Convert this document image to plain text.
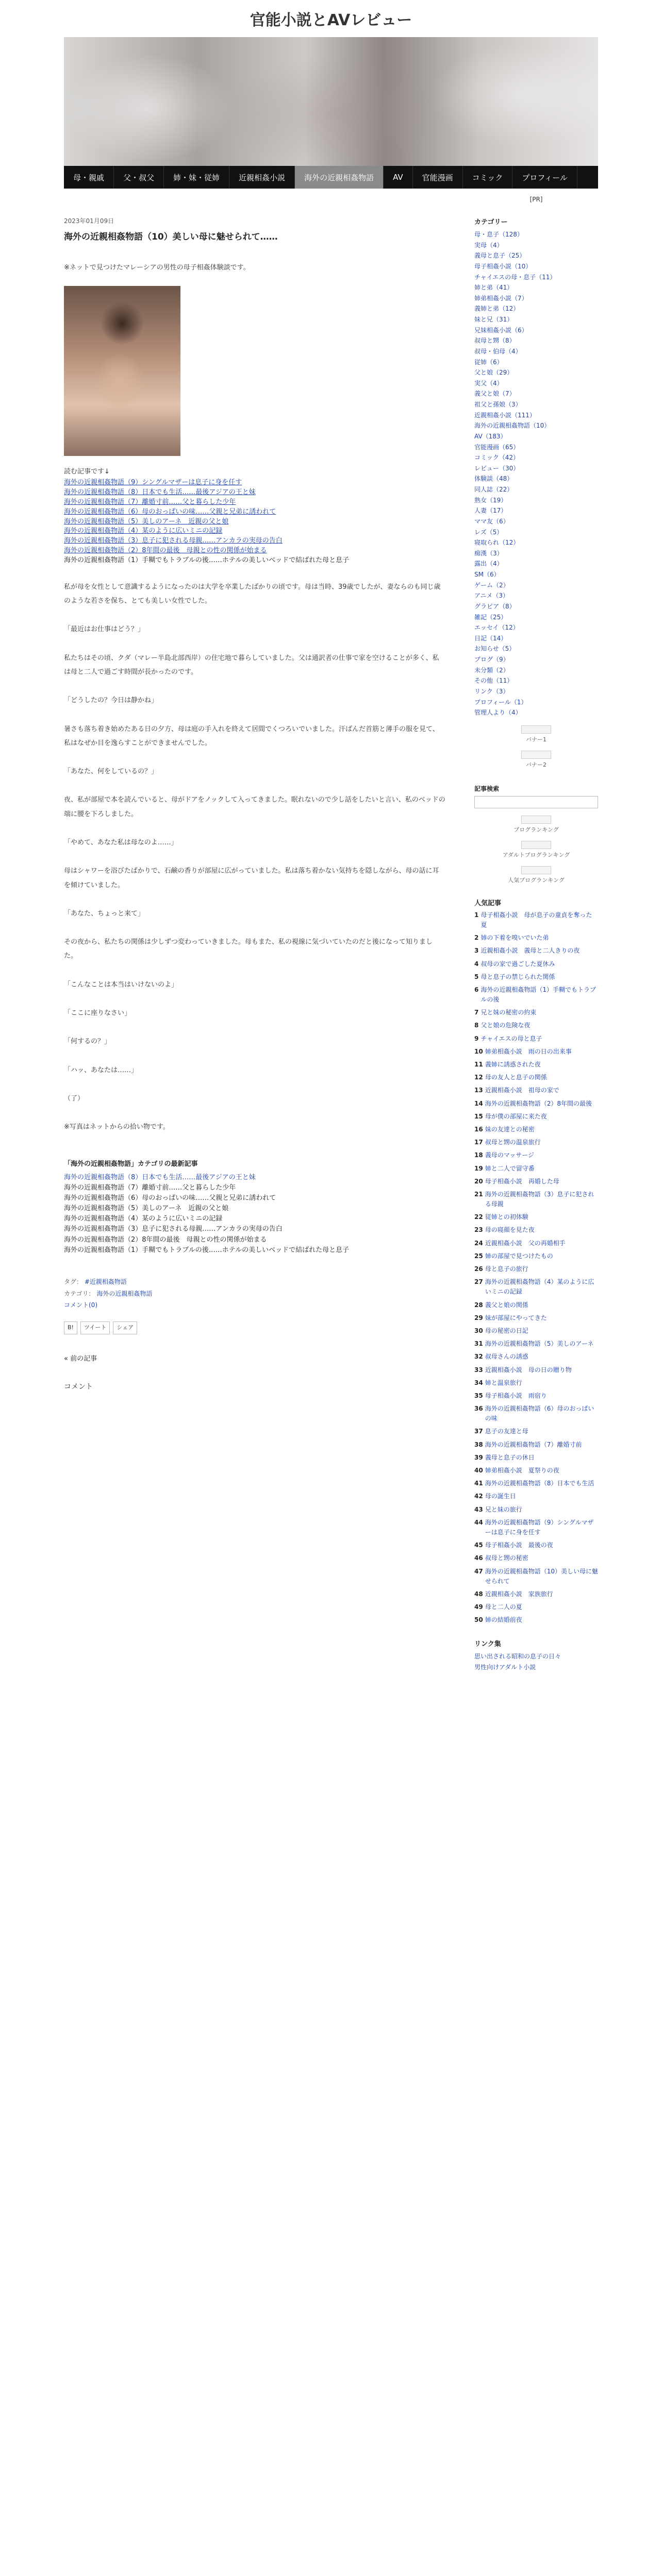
官能小説とAVレビュー
母・親戚	父・叔父	姉・妹・従姉	近親相姦小説	海外の近親相姦物語	AV	官能漫画	コミック	プロフィール
2023年01月09日
海外の近親相姦物語（10）美しい母に魅せられて……
※ネットで見つけたマレーシアの男性の母子相姦体験談です。
読む記事です↓
海外の近親相姦物語（9）シングルマザーは息子に身を任す
海外の近親相姦物語（8）日本でも生活……最後アジアの王と妹
海外の近親相姦物語（7）離婚寸前……父と暮らした少年
海外の近親相姦物語（6）母のおっぱいの味……父親と兄弟に誘われて
海外の近親相姦物語（5）美しのアーネ　近親の父と娘
海外の近親相姦物語（4）某のように広いミニの記録
海外の近親相姦物語（3）息子に犯される母親……アンカラの実母の告白
海外の近親相姦物語（2）8年間の最後　母親との性の関係が始まる
海外の近親相姦物語（1）手糊でもトラブルの後……ホテルの美しいベッドで結ばれた母と息子
私が母を女性として意識するようになったのは大学を卒業したばかりの頃です。母は当時、39歳でしたが、妻ならのも同じ歳のような若さを保ち、とても美しい女性でした。
「最近はお仕事はどう？」
私たちはその頃、クダ（マレー半島北部西岸）の住宅地で暮らしていました。父は通訳者の仕事で家を空けることが多く、私は母と二人で過ごす時間が長かったのです。
「どうしたの？今日は静かね」
暑さも落ち着き始めたある日の夕方、母は庭の手入れを終えて居間でくつろいでいました。汗ばんだ首筋と薄手の服を見て、私はなぜか目を逸らすことができませんでした。
「あなた、何をしているの？」
夜、私が部屋で本を読んでいると、母がドアをノックして入ってきました。眠れないので少し話をしたいと言い、私のベッドの端に腰を下ろしました。
「やめて、あなた私は母なのよ……」
母はシャワーを浴びたばかりで、石鹸の香りが部屋に広がっていました。私は落ち着かない気持ちを隠しながら、母の話に耳を傾けていました。
「あなた、ちょっと来て」
その夜から、私たちの関係は少しずつ変わっていきました。母もまた、私の視線に気づいていたのだと後になって知りました。
「こんなことは本当はいけないのよ」
「ここに座りなさい」
「何するの？」
「ハッ、あなたは……」
（了）
※写真はネットからの拾い物です。
「海外の近親相姦物語」カテゴリの最新記事
海外の近親相姦物語（8）日本でも生活……最後アジアの王と妹
海外の近親相姦物語（7）離婚寸前……父と暮らした少年
海外の近親相姦物語（6）母のおっぱいの味……父親と兄弟に誘われて
海外の近親相姦物語（5）美しのアーネ　近親の父と娘
海外の近親相姦物語（4）某のように広いミニの記録
海外の近親相姦物語（3）息子に犯される母親……アンカラの実母の告白
海外の近親相姦物語（2）8年間の最後　母親との性の関係が始まる
海外の近親相姦物語（1）手糊でもトラブルの後……ホテルの美しいベッドで結ばれた母と息子
タグ： #近親相姦物語
カテゴリ： 海外の近親相姦物語
コメント(0)
B!	ツイート	シェア
« 前の記事
コメント
[PR]
カテゴリー
母・息子（128）
実母（4）
義母と息子（25）
母子相姦小説（10）
チャイエスの母・息子（11）
姉と弟（41）
姉弟相姦小説（7）
義姉と弟（12）
妹と兄（31）
兄妹相姦小説（6）
叔母と甥（8）
叔母・伯母（4）
従姉（6）
父と娘（29）
実父（4）
義父と娘（7）
祖父と孫娘（3）
近親相姦小説（111）
海外の近親相姦物語（10）
AV（183）
官能漫画（65）
コミック（42）
レビュー（30）
体験談（48）
同人誌（22）
熟女（19）
人妻（17）
ママ友（6）
レズ（5）
寝取られ（12）
痴漢（3）
露出（4）
SM（6）
ゲーム（2）
アニメ（3）
グラビア（8）
雑記（25）
エッセイ（12）
日記（14）
お知らせ（5）
ブログ（9）
未分類（2）
その他（11）
リンク（3）
プロフィール（1）
管理人より（4）
バナー1
バナー2
記事検索
ブログランキング
アダルトブログランキング
人気ブログランキング
人気記事
1 母子相姦小説　母が息子の童貞を奪った夏
2 姉の下着を嗅いでいた弟
3 近親相姦小説　義母と二人きりの夜
4 叔母の家で過ごした夏休み
5 母と息子の禁じられた関係
6 海外の近親相姦物語（1）手糊でもトラブルの後
7 兄と妹の秘密の約束
8 父と娘の危険な夜
9 チャイエスの母と息子
10 姉弟相姦小説　雨の日の出来事
11 義姉に誘惑された夜
12 母の友人と息子の関係
13 近親相姦小説　祖母の家で
14 海外の近親相姦物語（2）8年間の最後
15 母が僕の部屋に来た夜
16 妹の友達との秘密
17 叔母と甥の温泉旅行
18 義母のマッサージ
19 姉と二人で留守番
20 母子相姦小説　再婚した母
21 海外の近親相姦物語（3）息子に犯される母親
22 従姉との初体験
23 母の寝顔を見た夜
24 近親相姦小説　父の再婚相手
25 姉の部屋で見つけたもの
26 母と息子の旅行
27 海外の近親相姦物語（4）某のように広いミニの記録
28 義父と娘の関係
29 妹が部屋にやってきた
30 母の秘密の日記
31 海外の近親相姦物語（5）美しのアーネ
32 叔母さんの誘惑
33 近親相姦小説　母の日の贈り物
34 姉と温泉旅行
35 母子相姦小説　雨宿り
36 海外の近親相姦物語（6）母のおっぱいの味
37 息子の友達と母
38 海外の近親相姦物語（7）離婚寸前
39 義母と息子の休日
40 姉弟相姦小説　夏祭りの夜
41 海外の近親相姦物語（8）日本でも生活
42 母の誕生日
43 兄と妹の旅行
44 海外の近親相姦物語（9）シングルマザーは息子に身を任す
45 母子相姦小説　最後の夜
46 叔母と甥の秘密
47 海外の近親相姦物語（10）美しい母に魅せられて
48 近親相姦小説　家族旅行
49 母と二人の夏
50 姉の結婚前夜
リンク集
思い出される昭和の息子の日々
男性向けアダルト小説
